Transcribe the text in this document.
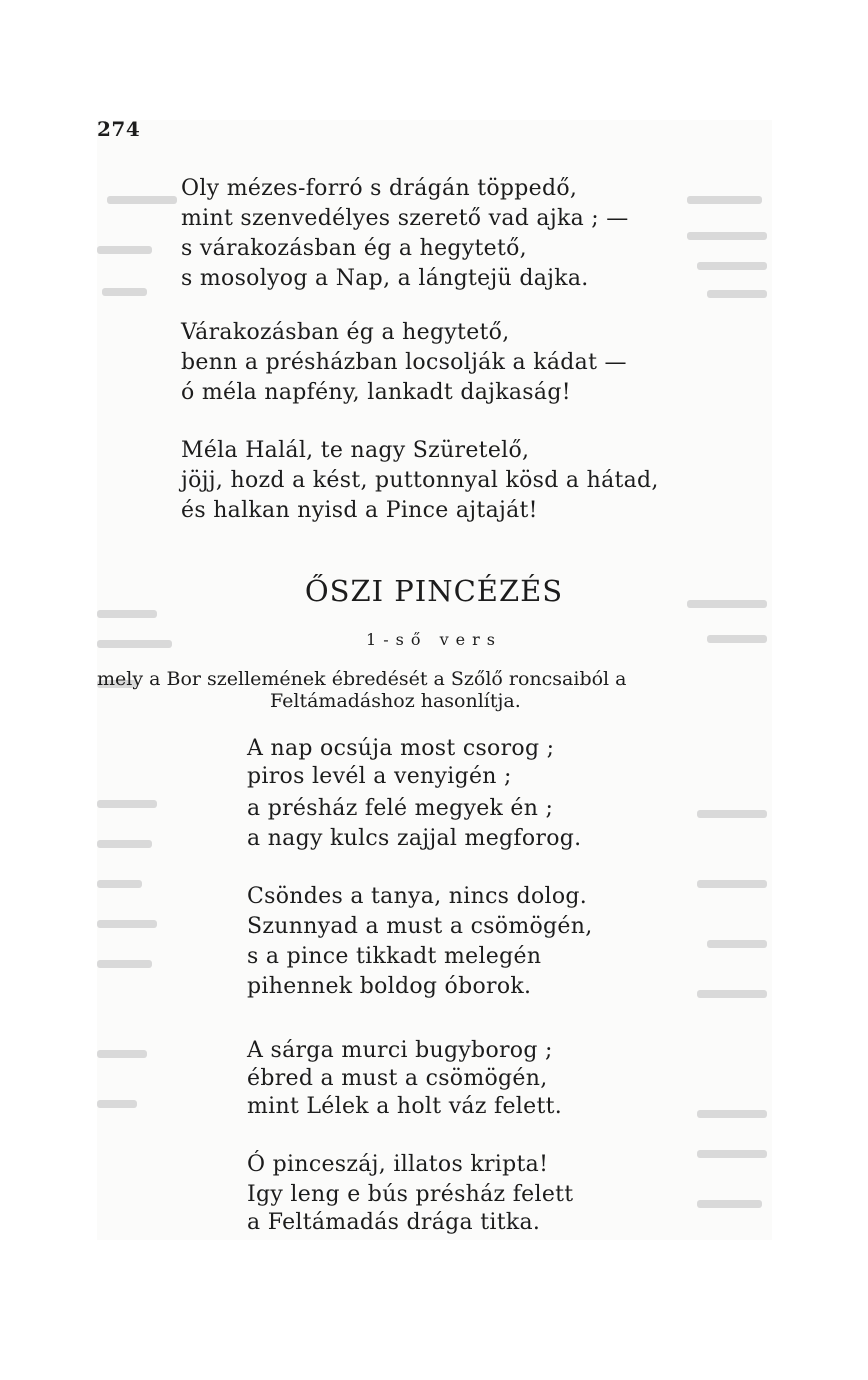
274
Oly mézes-forró s drágán töppedő,
mint szenvedélyes szerető vad ajka ; —
s várakozásban ég a hegytető,
s mosolyog a Nap, a lángtejü dajka.
Várakozásban ég a hegytető,
benn a présházban locsolják a kádat —
ó méla napfény, lankadt dajkaság!
Méla Halál, te nagy Szüretelő,
jöjj, hozd a kést, puttonnyal kösd a hátad,
és halkan nyisd a Pince ajtaját!
ŐSZI PINCÉZÉS
1-ső vers
mely a Bor szellemének ébredését a Szőlő roncsaiból a
Feltámadáshoz hasonlítja.
A nap ocsúja most csorog ;
piros levél a venyigén ;
a présház felé megyek én ;
a nagy kulcs zajjal megforog.
Csöndes a tanya, nincs dolog.
Szunnyad a must a csömögén,
s a pince tikkadt melegén
pihennek boldog óborok.
A sárga murci bugyborog ;
ébred a must a csömögén,
mint Lélek a holt váz felett.
Ó pinceszáj, illatos kripta!
Igy leng e bús présház felett
a Feltámadás drága titka.
